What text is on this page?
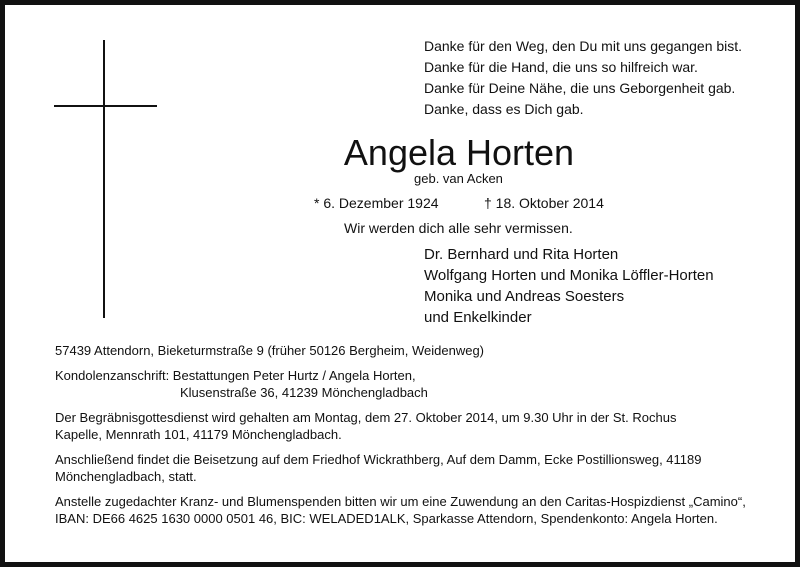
Danke für den Weg, den Du mit uns gegangen bist.
Danke für die Hand, die uns so hilfreich war.
Danke für Deine Nähe, die uns Geborgenheit gab.
Danke, dass es Dich gab.
Angela Horten
geb. van Acken
* 6. Dezember 1924	† 18. Oktober 2014
Wir werden dich alle sehr vermissen.
Dr. Bernhard und Rita Horten
Wolfgang Horten und Monika Löffler-Horten
Monika und Andreas Soesters
und Enkelkinder

57439 Attendorn, Bieketurmstraße 9 (früher 50126 Bergheim, Weidenweg)

Kondolenzanschrift: Bestattungen Peter Hurtz / Angela Horten,
Klusenstraße 36, 41239 Mönchengladbach

Der Begräbnisgottesdienst wird gehalten am Montag, dem 27. Oktober 2014, um 9.30 Uhr in der St. Rochus
Kapelle, Mennrath 101, 41179 Mönchengladbach.

Anschließend findet die Beisetzung auf dem Friedhof Wickrathberg, Auf dem Damm, Ecke Postillionsweg, 41189
Mönchengladbach, statt.

Anstelle zugedachter Kranz- und Blumenspenden bitten wir um eine Zuwendung an den Caritas-Hospizdienst „Camino“,
IBAN: DE66 4625 1630 0000 0501 46, BIC: WELADED1ALK, Sparkasse Attendorn, Spendenkonto: Angela Horten.
